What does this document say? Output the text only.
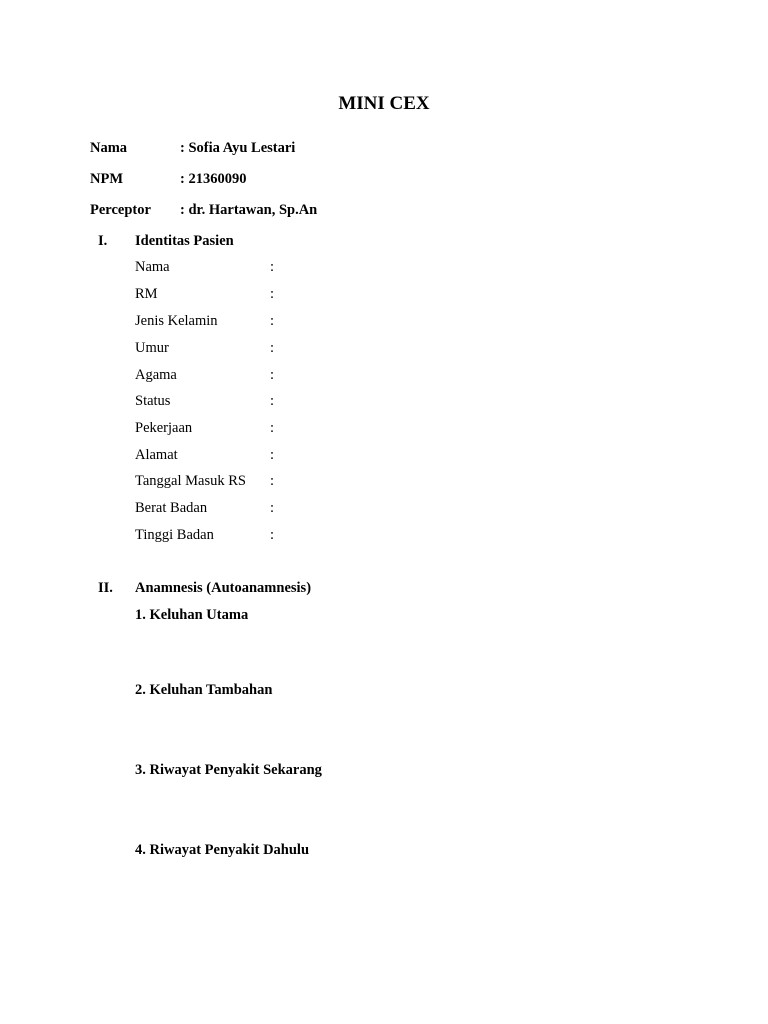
MINI CEX
Nama	: Sofia Ayu Lestari
NPM	: 21360090
Perceptor : dr. Hartawan, Sp.An
I. Identitas Pasien
Nama	:
RM	:
Jenis Kelamin	:
Umur	:
Agama	:
Status	:
Pekerjaan	:
Alamat	:
Tanggal Masuk RS :
Berat Badan	:
Tinggi Badan	:
II. Anamnesis (Autoanamnesis)
1. Keluhan Utama
2. Keluhan Tambahan
3. Riwayat Penyakit Sekarang
4. Riwayat Penyakit Dahulu
